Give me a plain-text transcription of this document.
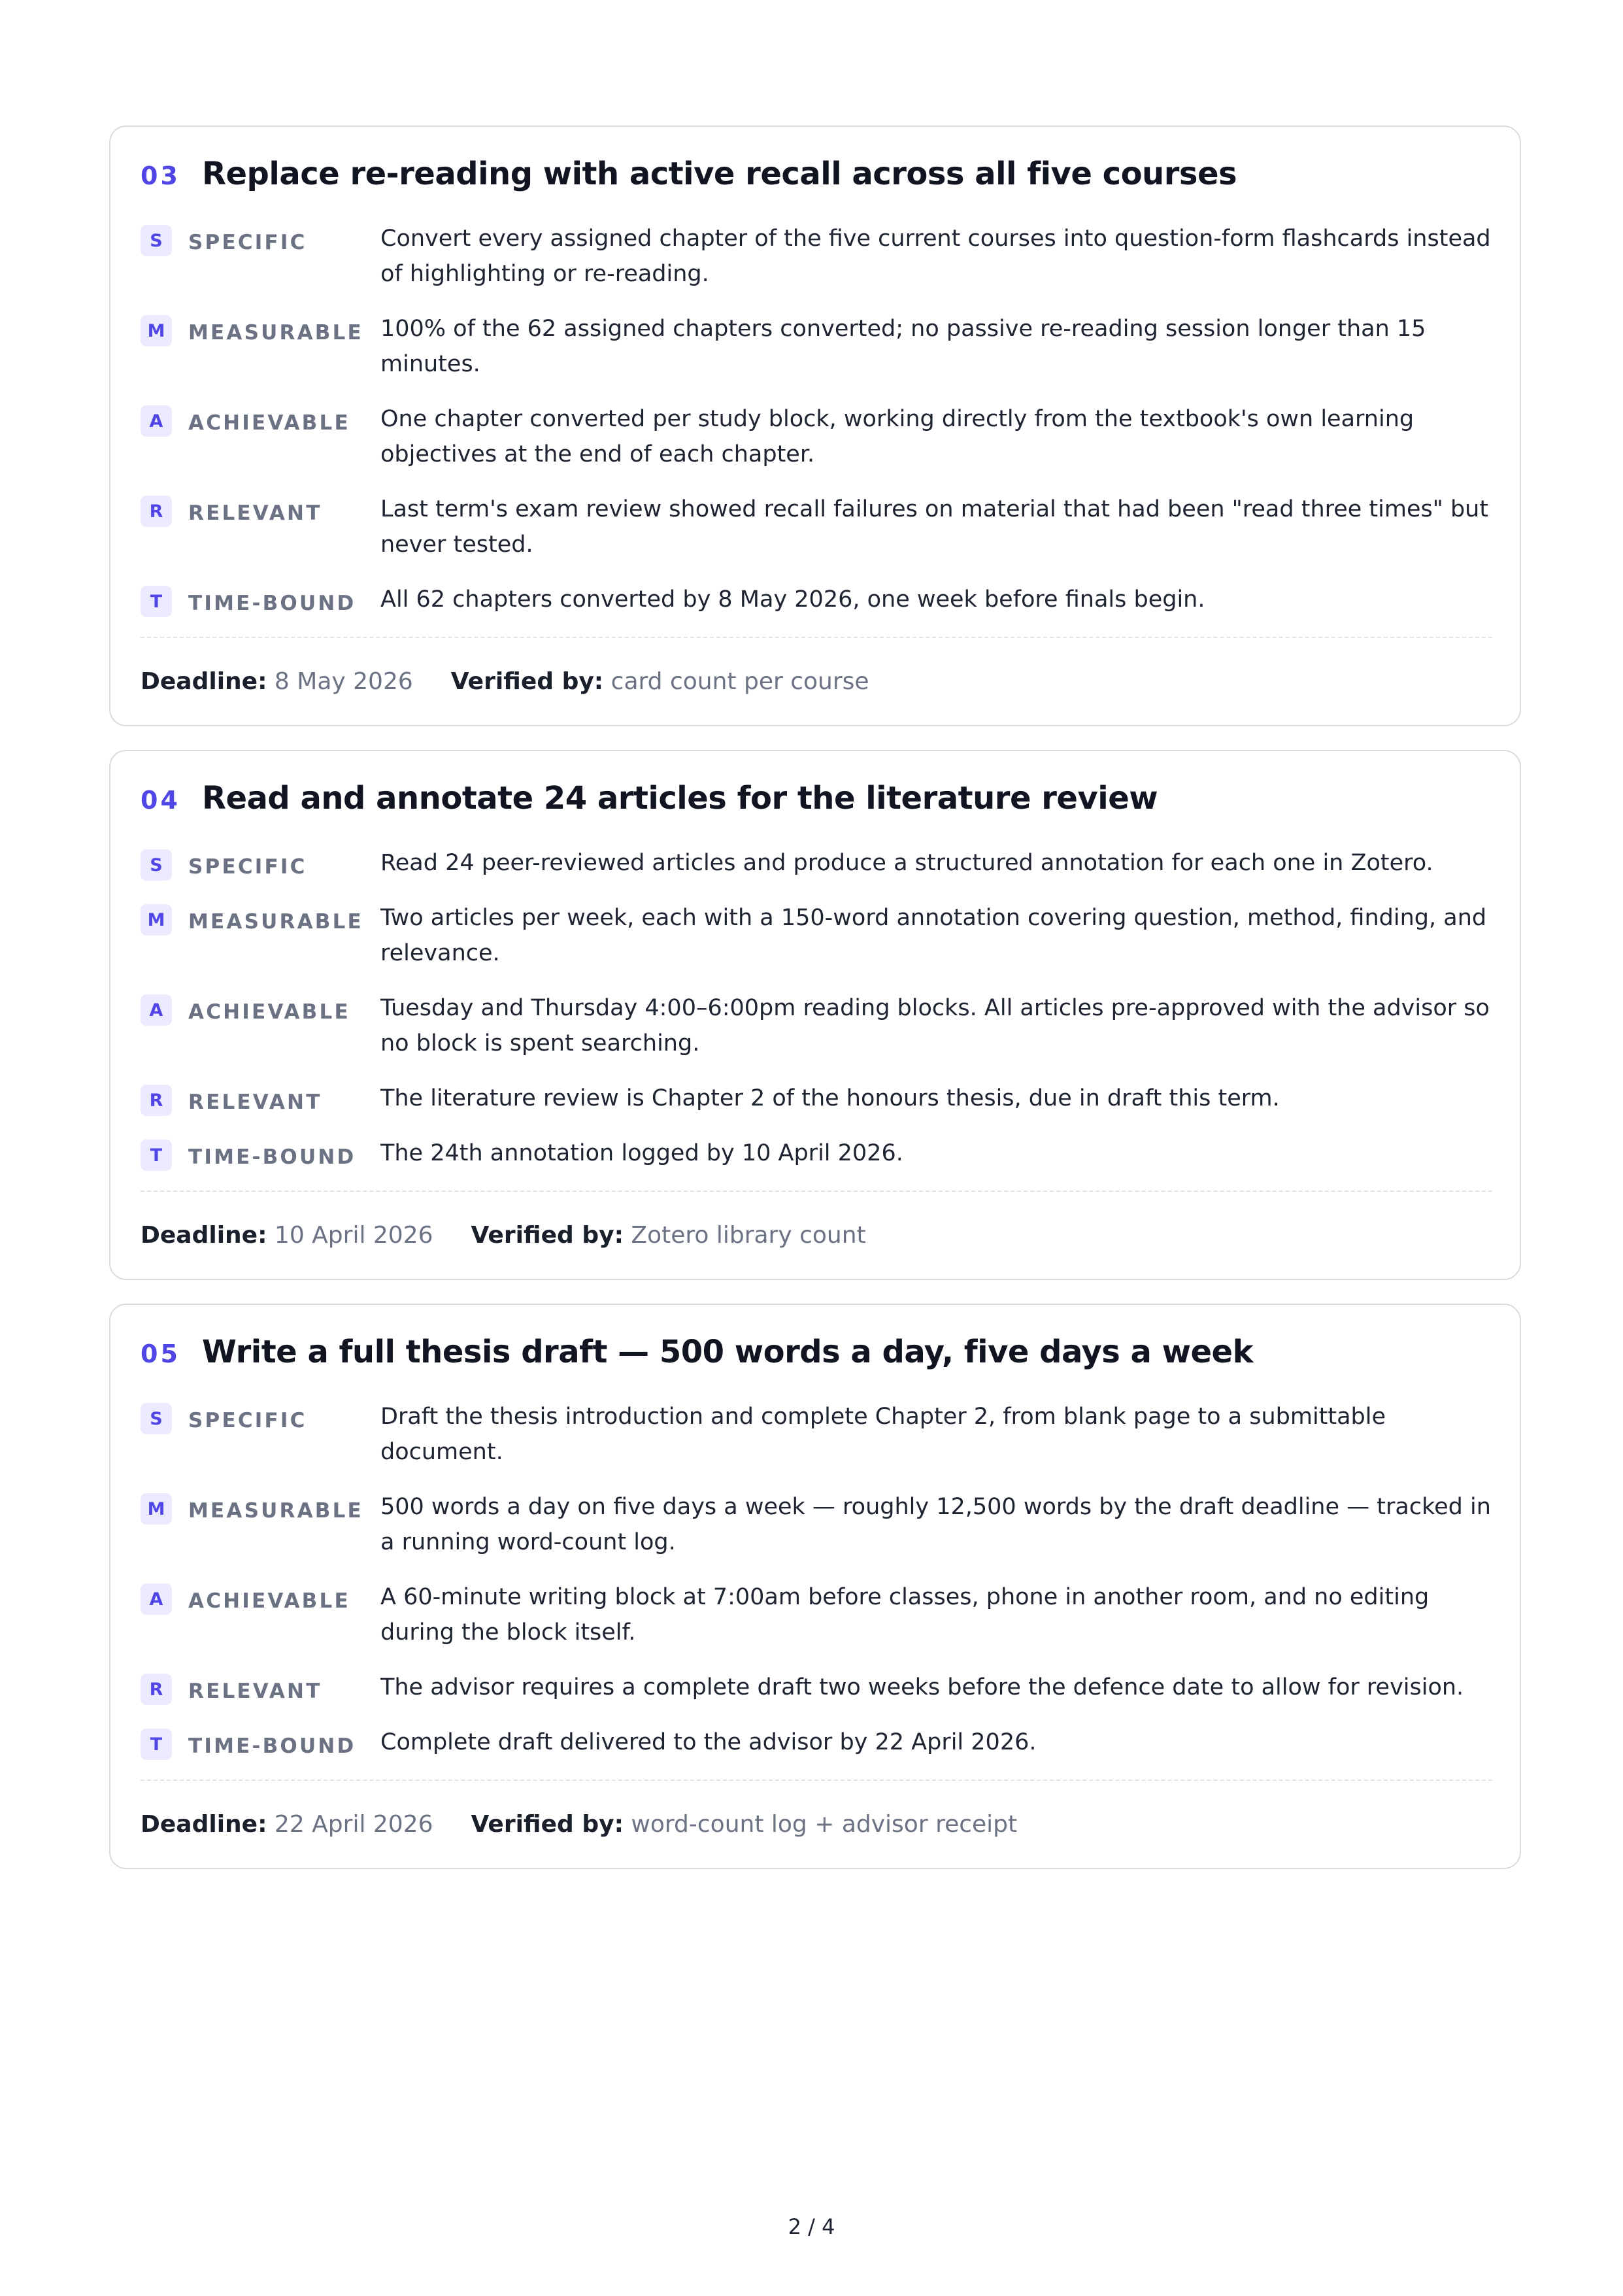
03 Replace re-reading with active recall across all five courses
S	SPECIFIC	Convert every assigned chapter of the five current courses into question-form flashcards instead of highlighting or re-reading.
M	MEASURABLE 100% of the 62 assigned chapters converted; no passive re-reading session longer than 15 minutes.
A	ACHIEVABLE	One chapter converted per study block, working directly from the textbook's own learning objectives at the end of each chapter.
R	RELEVANT	Last term's exam review showed recall failures on material that had been "read three times" but never tested.
T	TIME-BOUND	All 62 chapters converted by 8 May 2026, one week before finals begin.
Deadline: 8 May 2026 Verified by: card count per course
04 Read and annotate 24 articles for the literature review
S	SPECIFIC	Read 24 peer-reviewed articles and produce a structured annotation for each one in Zotero.
M	MEASURABLE Two articles per week, each with a 150-word annotation covering question, method, finding, and relevance.
A	ACHIEVABLE	Tuesday and Thursday 4:00–6:00pm reading blocks. All articles pre-approved with the advisor so no block is spent searching.
R	RELEVANT	The literature review is Chapter 2 of the honours thesis, due in draft this term.
T	TIME-BOUND	The 24th annotation logged by 10 April 2026.
Deadline: 10 April 2026 Verified by: Zotero library count
05 Write a full thesis draft — 500 words a day, five days a week
S	SPECIFIC	Draft the thesis introduction and complete Chapter 2, from blank page to a submittable document.
M	MEASURABLE 500 words a day on five days a week — roughly 12,500 words by the draft deadline — tracked in a running word-count log.
A	ACHIEVABLE	A 60-minute writing block at 7:00am before classes, phone in another room, and no editing during the block itself.
R	RELEVANT	The advisor requires a complete draft two weeks before the defence date to allow for revision.
T	TIME-BOUND	Complete draft delivered to the advisor by 22 April 2026.
Deadline: 22 April 2026 Verified by: word-count log + advisor receipt
2 / 4
